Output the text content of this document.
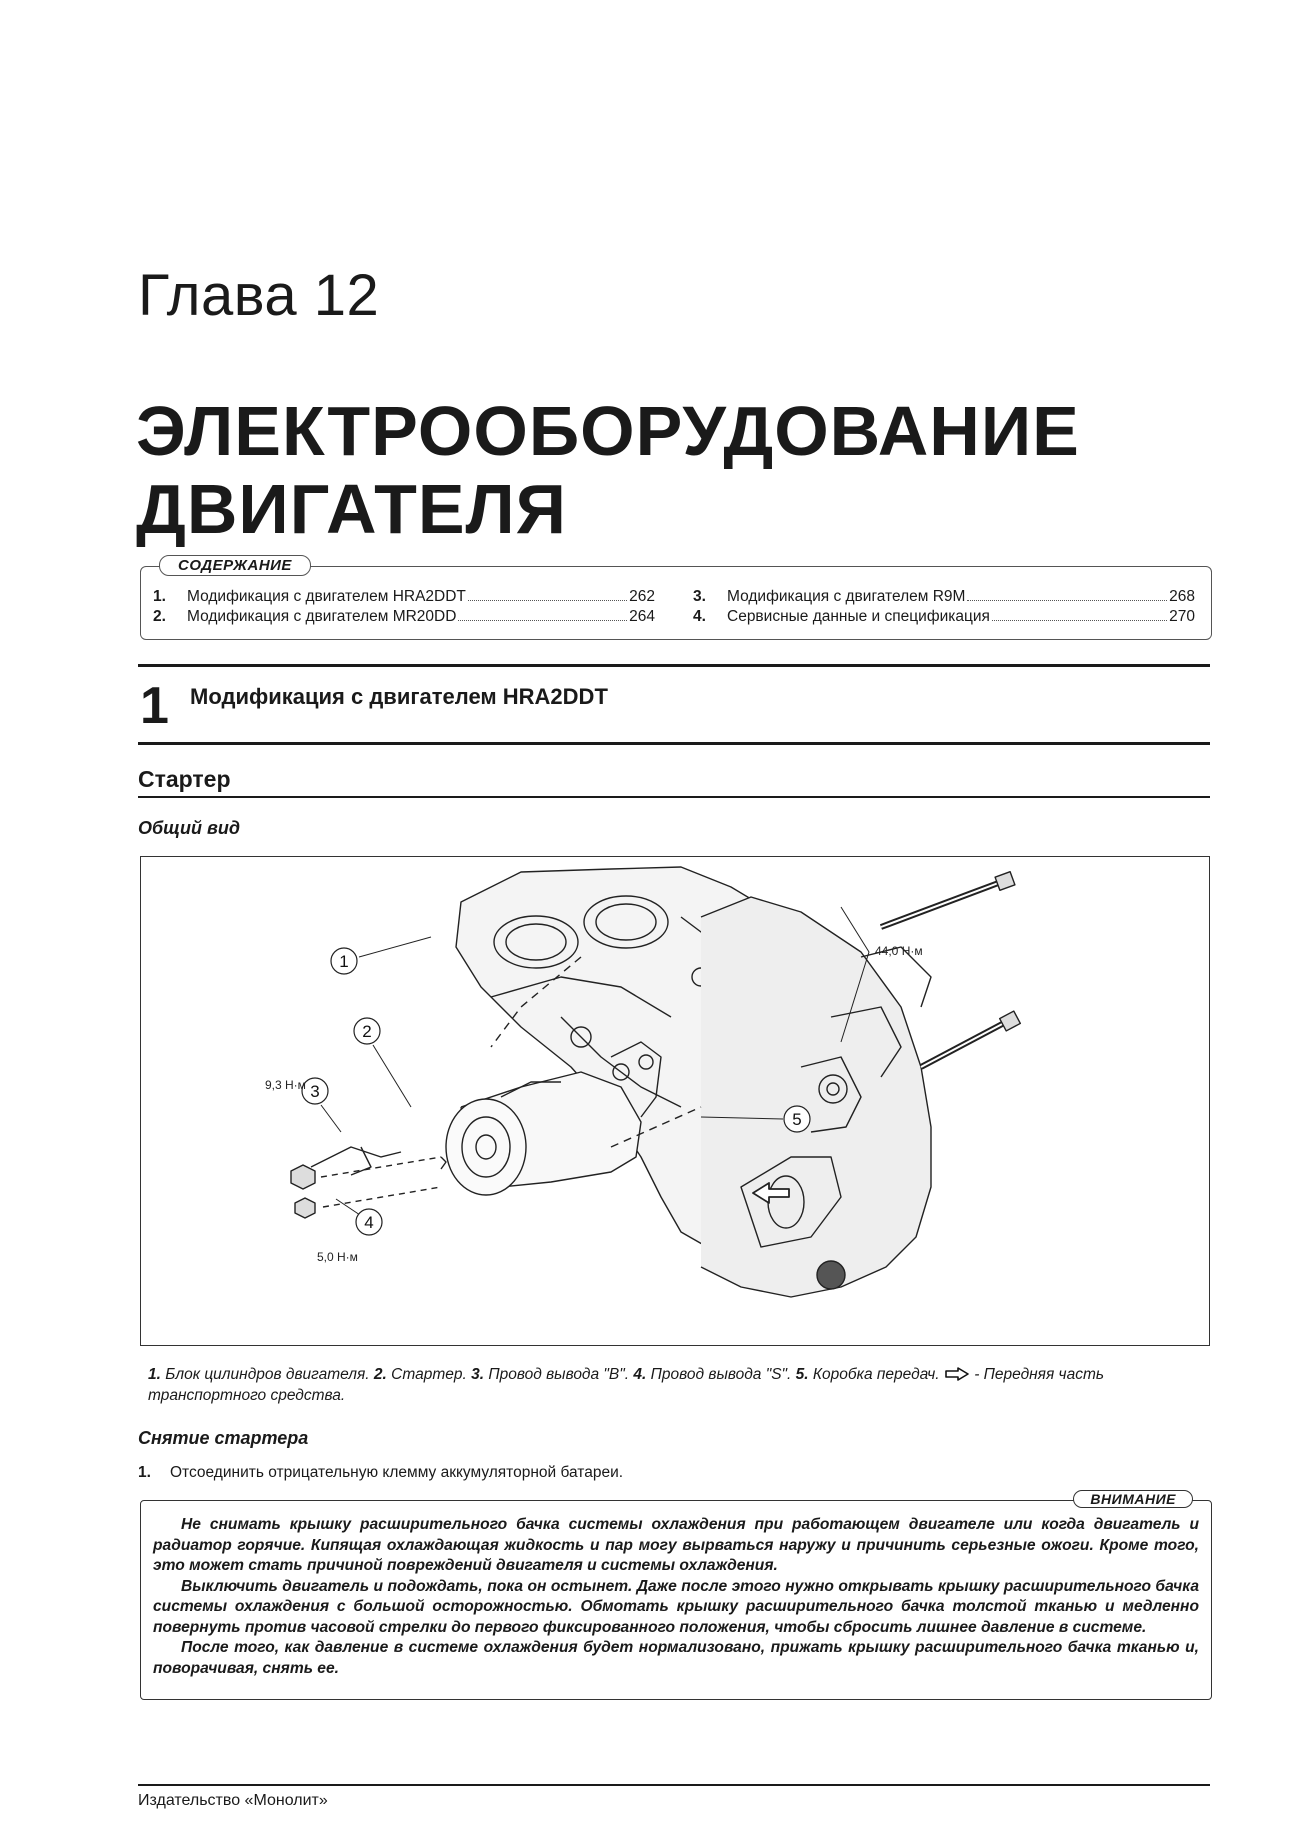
Глава 12
ЭЛЕКТРООБОРУДОВАНИЕ
ДВИГАТЕЛЯ
СОДЕРЖАНИЕ
1.	Модификация с двигателем HRA2DDT	262
2.	Модификация с двигателем MR20DD	264
3.	Модификация с двигателем R9M	268
4.	Сервисные данные и спецификация	270
1 Модификация с двигателем HRA2DDT
Стартер
Общий вид
1
2
3
4
5
44,0 Н·м
9,3 Н·м
5,0 Н·м
1. Блок цилиндров двигателя. 2. Стартер. 3. Провод вывода "B". 4. Провод вывода "S". 5. Коробка передач.  - Передняя часть транспортного средства.
Снятие стартера
1. Отсоединить отрицательную клемму аккумуляторной батареи.
ВНИМАНИЕ

Не снимать крышку расширительного бачка системы охлаждения при работающем двигателе или когда двигатель и радиатор горячие. Кипящая охлаждающая жидкость и пар могу вырваться наружу и причинить серьезные ожоги. Кроме того, это может стать причиной повреждений двигателя и системы охлаждения.

Выключить двигатель и подождать, пока он остынет. Даже после этого нужно открывать крышку расширительного бачка системы охлаждения с большой осторожностью. Обмотать крышку расширительного бачка толстой тканью и медленно повернуть против часовой стрелки до первого фиксированного положения, чтобы сбросить лишнее давление в системе.

После того, как давление в системе охлаждения будет нормализовано, прижать крышку расширительного бачка тканью и, поворачивая, снять ее.

Издательство «Монолит»
